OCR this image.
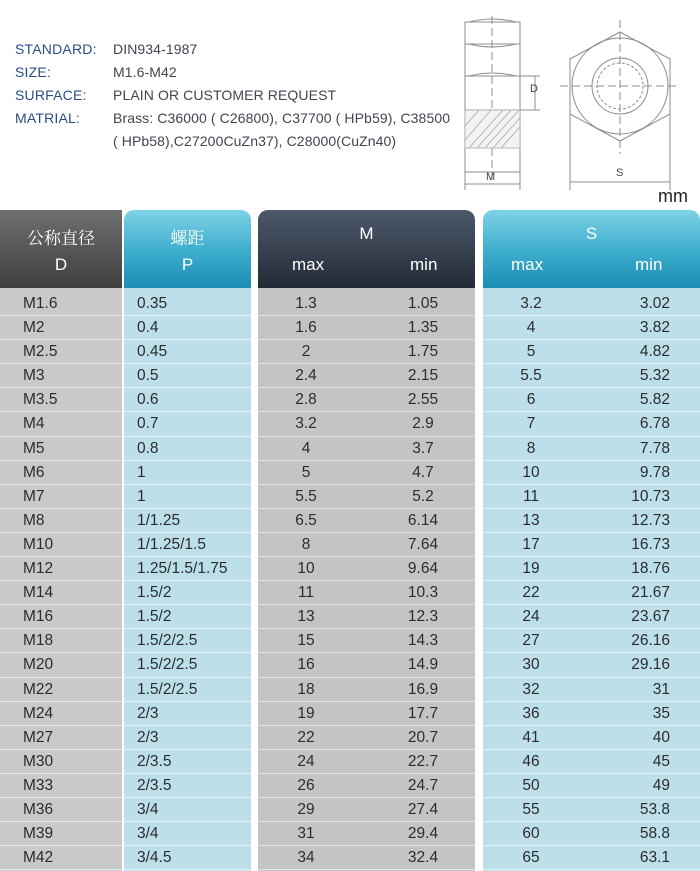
STANDARD:	DIN934-1987
SIZE:	M1.6-M42
SURFACE:	PLAIN OR CUSTOMER REQUEST
MATRIAL:	Brass: C36000 ( C26800), C37700 ( HPb59), C38500
( HPb58),C27200CuZn37), C28000(CuZn40)
D
M	S
mm
公称直径
D
螺距
P
M
max	min
S
max	min
M1.6	0.35	1.3	1.05	3.2	3.02
M2	0.4	1.6	1.35	4	3.82
M2.5	0.45	2	1.75	5	4.82
M3	0.5	2.4	2.15	5.5	5.32
M3.5	0.6	2.8	2.55	6	5.82
M4	0.7	3.2	2.9	7	6.78
M5	0.8	4	3.7	8	7.78
M6	1	5	4.7	10	9.78
M7	1	5.5	5.2	11	10.73
M8	1/1.25	6.5	6.14	13	12.73
M10	1/1.25/1.5	8	7.64	17	16.73
M12	1.25/1.5/1.75	10	9.64	19	18.76
M14	1.5/2	11	10.3	22	21.67
M16	1.5/2	13	12.3	24	23.67
M18	1.5/2/2.5	15	14.3	27	26.16
M20	1.5/2/2.5	16	14.9	30	29.16
M22	1.5/2/2.5	18	16.9	32	31
M24	2/3	19	17.7	36	35
M27	2/3	22	20.7	41	40
M30	2/3.5	24	22.7	46	45
M33	2/3.5	26	24.7	50	49
M36	3/4	29	27.4	55	53.8
M39	3/4	31	29.4	60	58.8
M42	3/4.5	34	32.4	65	63.1
